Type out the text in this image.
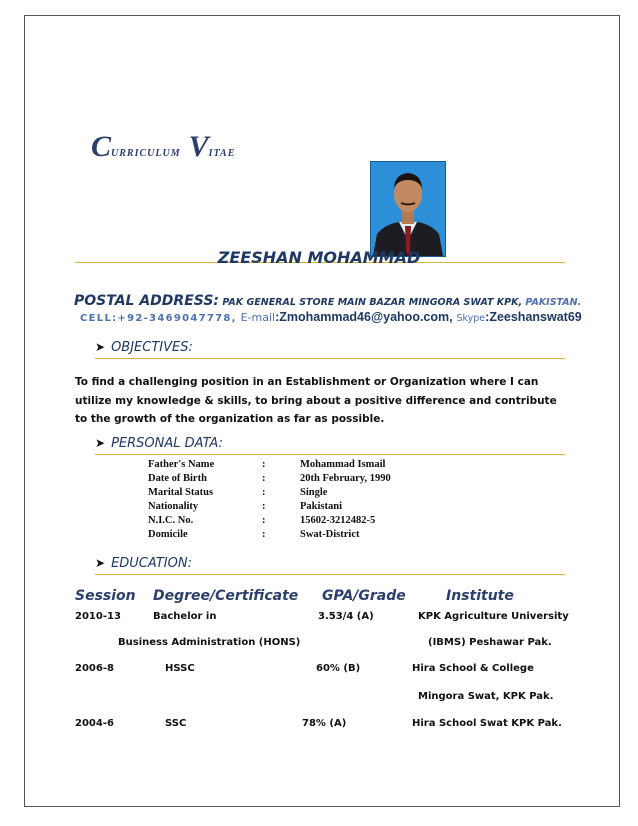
CURRICULUM VITAE
ZEESHAN MOHAMMAD
POSTAL ADDRESS: PAK GENERAL STORE MAIN BAZAR MINGORA SWAT KPK, PAKISTAN.
CELL:+92-3469047778, E-mail:Zmohammad46@yahoo.com, Skype:Zeeshanswat69
➤ OBJECTIVES:
To find a challenging position in an Establishment or Organization where I can utilize my knowledge & skills, to bring about a positive difference and contribute to the growth of the organization as far as possible.
➤ PERSONAL DATA:
Father's Name	:	Mohammad Ismail
Date of Birth	:	20th February, 1990
Marital Status	:	Single
Nationality	:	Pakistani
N.I.C. No.	:	15602-3212482-5
Domicile	:	Swat-District
➤ EDUCATION:
Session Degree/Certificate GPA/Grade	Institute
2010-13	Bachelor in	3.53/4 (A)	KPK Agriculture University
Business Administration (HONS)	(IBMS) Peshawar Pak.
2006-8	HSSC	60% (B)	Hira School & College
Mingora Swat, KPK Pak.
2004-6	SSC	78% (A)	Hira School Swat KPK Pak.
